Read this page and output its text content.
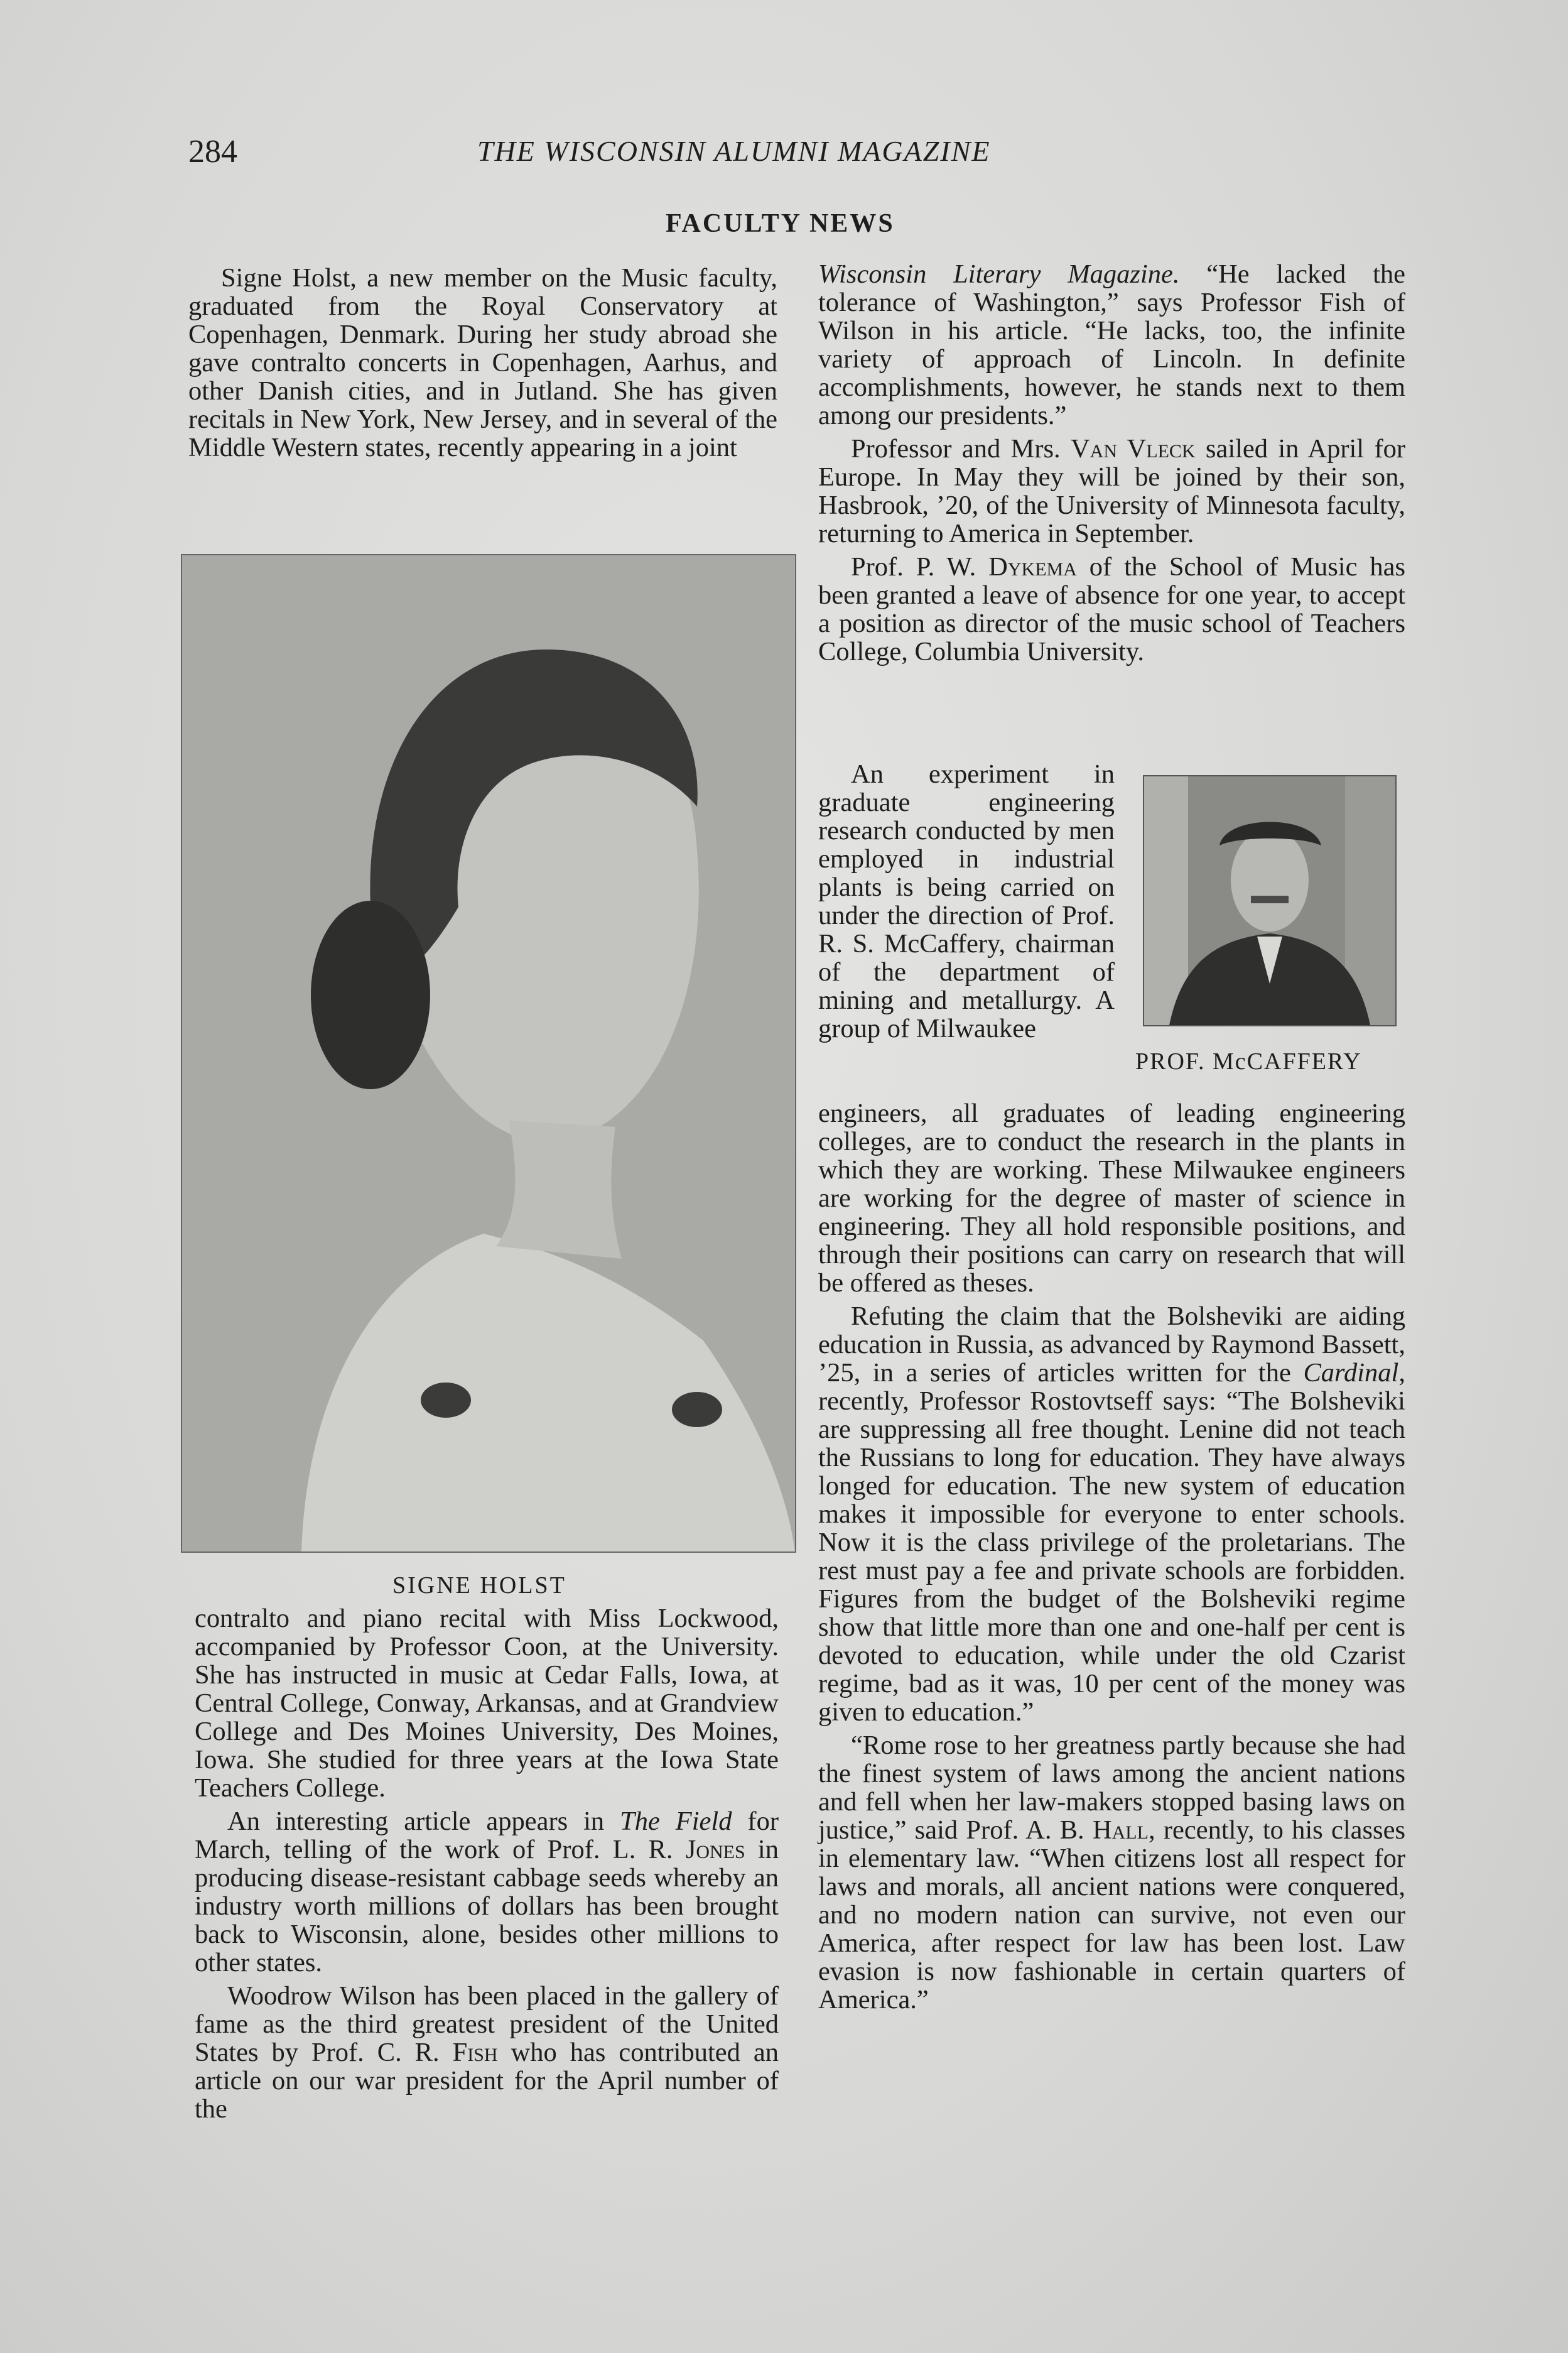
284	THE WISCONSIN ALUMNI MAGAZINE
FACULTY NEWS

Signe Holst, a new member on the Music faculty, graduated from the Royal Conservatory at Copenhagen, Denmark. During her study abroad she gave contralto concerts in Copenhagen, Aarhus, and other Danish cities, and in Jutland. She has given recitals in New York, New Jersey, and in several of the Middle Western states, recently appearing in a joint

SIGNE HOLST

contralto and piano recital with Miss Lockwood, accompanied by Professor Coon, at the University. She has instructed in music at Cedar Falls, Iowa, at Central College, Conway, Arkansas, and at Grandview College and Des Moines University, Des Moines, Iowa. She studied for three years at the Iowa State Teachers College.

An interesting article appears in The Field for March, telling of the work of Prof. L. R. Jones in producing disease-resistant cabbage seeds whereby an industry worth millions of dollars has been brought back to Wisconsin, alone, besides other millions to other states.

Woodrow Wilson has been placed in the gallery of fame as the third greatest president of the United States by Prof. C. R. Fish who has contributed an article on our war president for the April number of the

Wisconsin Literary Magazine. “He lacked the tolerance of Washington,” says Professor Fish of Wilson in his article. “He lacks, too, the infinite variety of approach of Lincoln. In definite accomplishments, however, he stands next to them among our presidents.”

Professor and Mrs. Van Vleck sailed in April for Europe. In May they will be joined by their son, Hasbrook, ’20, of the University of Minnesota faculty, returning to America in September.

Prof. P. W. Dykema of the School of Music has been granted a leave of absence for one year, to accept a position as director of the music school of Teachers College, Columbia University.

An experiment in graduate engineering research conducted by men employed in industrial plants is being carried on under the direction of Prof. R. S. McCaffery, chairman of the department of mining and metallurgy. A group of Milwaukee

PROF. McCAFFERY

engineers, all graduates of leading engineering colleges, are to conduct the research in the plants in which they are working. These Milwaukee engineers are working for the degree of master of science in engineering. They all hold responsible positions, and through their positions can carry on research that will be offered as theses.

Refuting the claim that the Bolsheviki are aiding education in Russia, as advanced by Raymond Bassett, ’25, in a series of articles written for the Cardinal, recently, Professor Rostovtseff says: “The Bolsheviki are suppressing all free thought. Lenine did not teach the Russians to long for education. They have always longed for education. The new system of education makes it impossible for everyone to enter schools. Now it is the class privilege of the proletarians. The rest must pay a fee and private schools are forbidden. Figures from the budget of the Bolsheviki regime show that little more than one and one-half per cent is devoted to education, while under the old Czarist regime, bad as it was, 10 per cent of the money was given to education.”

“Rome rose to her greatness partly because she had the finest system of laws among the ancient nations and fell when her law-makers stopped basing laws on justice,” said Prof. A. B. Hall, recently, to his classes in elementary law. “When citizens lost all respect for laws and morals, all ancient nations were conquered, and no modern nation can survive, not even our America, after respect for law has been lost. Law evasion is now fashionable in certain quarters of America.”
